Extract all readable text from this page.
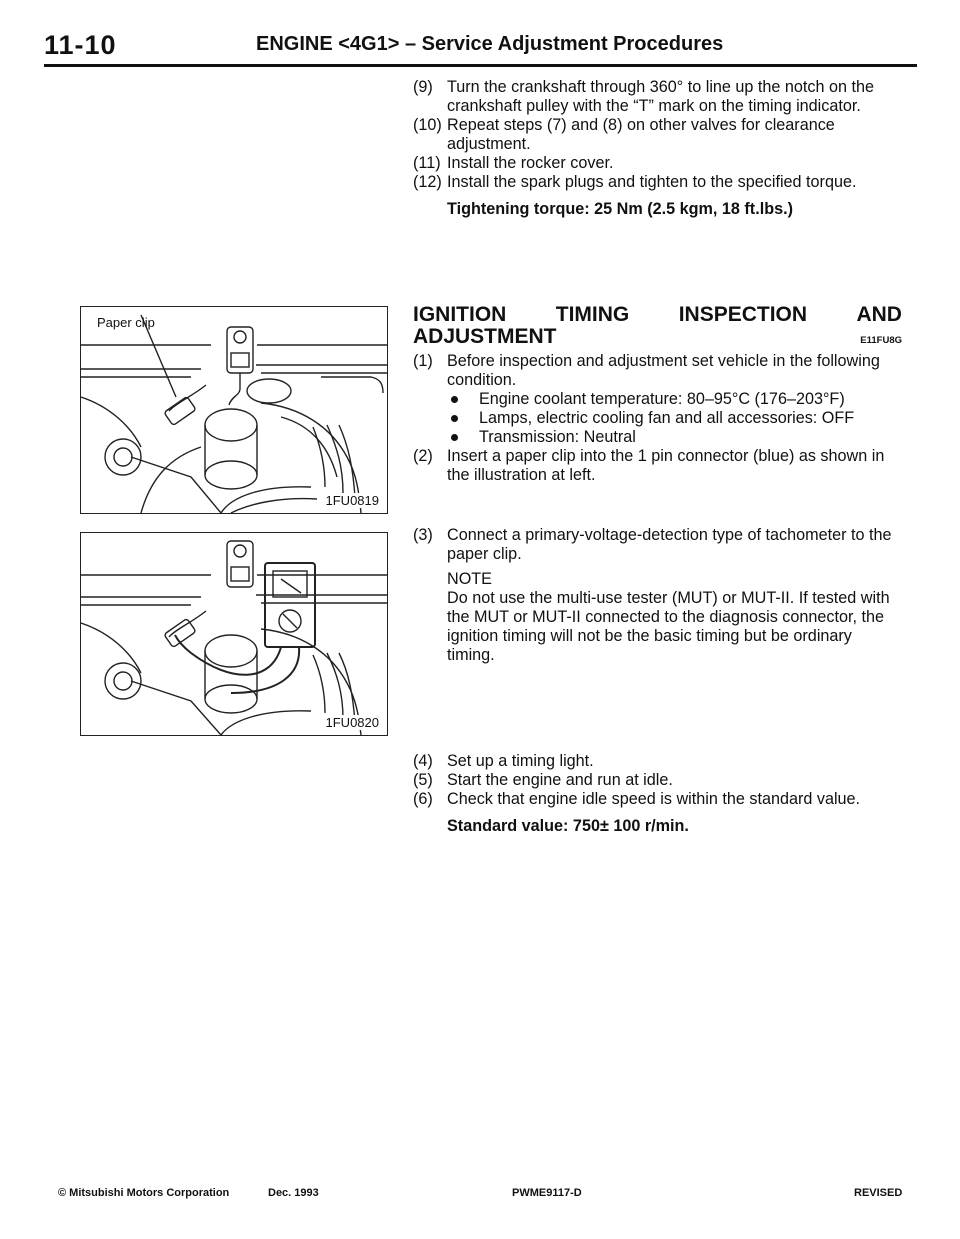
11-10	ENGINE <4G1> – Service Adjustment Procedures

(9) Turn the crankshaft through 360° to line up the notch on the crankshaft pulley with the “T” mark on the timing indicator.

(10) Repeat steps (7) and (8) on other valves for clearance adjustment.

(11) Install the rocker cover.

(12) Install the spark plugs and tighten to the specified torque.

Tightening torque: 25 Nm (2.5 kgm, 18 ft.lbs.)
IGNITION TIMING INSPECTION AND
ADJUSTMENT	E11FU8G

(1) Before inspection and adjustment set vehicle in the following condition.

Engine coolant temperature: 80–95°C (176–203°F)
Lamps, electric cooling fan and all accessories: OFF
Transmission: Neutral

(2) Insert a paper clip into the 1 pin connector (blue) as shown in the illustration at left.

(3) Connect a primary-voltage-detection type of tachometer to the paper clip.

NOTE
Do not use the multi-use tester (MUT) or MUT-II. If tested with the MUT or MUT-II connected to the diagnosis connector, the ignition timing will not be the basic timing but be ordinary timing.

(4) Set up a timing light.

(5) Start the engine and run at idle.

(6) Check that engine idle speed is within the standard value.

Standard value: 750± 100 r/min.
Paper clip
1FU0819
1FU0820
© Mitsubishi Motors Corporation	Dec. 1993	PWME9117-D	REVISED
